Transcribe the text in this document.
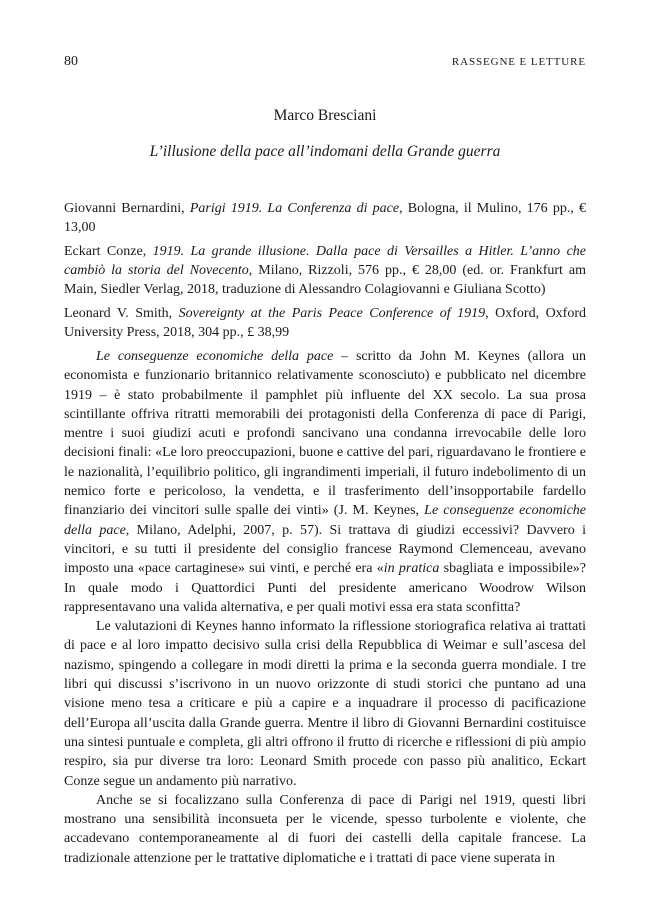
80	RASSEGNE E LETTURE
Marco Bresciani
L’illusione della pace all’indomani della Grande guerra

Giovanni Bernardini, Parigi 1919. La Conferenza di pace, Bologna, il Mulino, 176 pp., € 13,00

Eckart Conze, 1919. La grande illusione. Dalla pace di Versailles a Hitler. L’anno che cambiò la storia del Novecento, Milano, Rizzoli, 576 pp., € 28,00 (ed. or. Frankfurt am Main, Siedler Verlag, 2018, traduzione di Alessandro Colagiovanni e Giuliana Scotto)

Leonard V. Smith, Sovereignty at the Paris Peace Conference of 1919, Oxford, Oxford University Press, 2018, 304 pp., £ 38,99

Le conseguenze economiche della pace – scritto da John M. Keynes (allora un economista e funzionario britannico relativamente sconosciuto) e pubblicato nel dicembre 1919 – è stato probabilmente il pamphlet più influente del XX secolo. La sua prosa scintillante offriva ritratti memorabili dei protagonisti della Conferenza di pace di Parigi, mentre i suoi giudizi acuti e profondi sancivano una condanna irrevocabile delle loro decisioni finali: «Le loro preoccupazioni, buone e cattive del pari, riguardavano le frontiere e le nazionalità, l’equilibrio politico, gli ingrandimenti imperiali, il futuro indebolimento di un nemico forte e pericoloso, la vendetta, e il trasferimento dell’insopportabile fardello finanziario dei vincitori sulle spalle dei vinti» (J. M. Keynes, Le conseguenze economiche della pace, Milano, Adelphi, 2007, p. 57). Si trattava di giudizi eccessivi? Davvero i vincitori, e su tutti il presidente del consiglio francese Raymond Clemenceau, avevano imposto una «pace cartaginese» sui vinti, e perché era «in pratica sbagliata e impossibile»? In quale modo i Quattordici Punti del presidente americano Woodrow Wilson rappresentavano una valida alternativa, e per quali motivi essa era stata sconfitta?

Le valutazioni di Keynes hanno informato la riflessione storiografica relativa ai trattati di pace e al loro impatto decisivo sulla crisi della Repubblica di Weimar e sull’ascesa del nazismo, spingendo a collegare in modi diretti la prima e la seconda guerra mondiale. I tre libri qui discussi s’iscrivono in un nuovo orizzonte di studi storici che puntano ad una visione meno tesa a criticare e più a capire e a inquadrare il processo di pacificazione dell’Europa all’uscita dalla Grande guerra. Mentre il libro di Giovanni Bernardini costituisce una sintesi puntuale e completa, gli altri offrono il frutto di ricerche e riflessioni di più ampio respiro, sia pur diverse tra loro: Leonard Smith procede con passo più analitico, Eckart Conze segue un andamento più narrativo.

Anche se si focalizzano sulla Conferenza di pace di Parigi nel 1919, questi libri mostrano una sensibilità inconsueta per le vicende, spesso turbolente e violente, che accadevano contemporaneamente al di fuori dei castelli della capitale francese. La tradizionale attenzione per le trattative diplomatiche e i trattati di pace viene superata in
